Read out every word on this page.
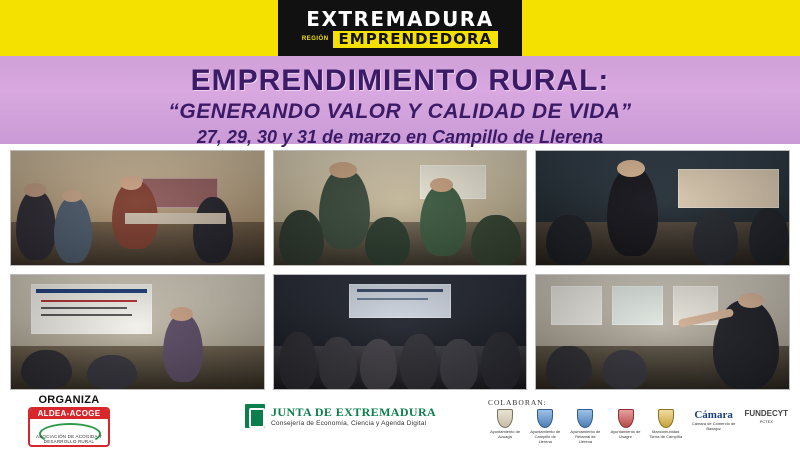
EXTREMADURA
REGIÓN EMPRENDEDORA
EMPRENDIMIENTO RURAL:

“GENERANDO VALOR Y CALIDAD DE VIDA”

27, 29, 30 y 31 de marzo en Campillo de Llerena

ORGANIZA
ALDEA-ACOGE
ASOCIACIÓN DE ACOGIDA Y DESARROLLO RURAL
JUNTA DE EXTREMADURA
Consejería de Economía, Ciencia y Agenda Digital
COLABORAN:
Ayuntamiento de Azuaga
Ayuntamiento de Campillo de Llerena
Ayuntamiento de Retamal de Llerena
Ayuntamiento de Usagre
Mancomunidad Tierra de Campiña
Cámara
Cámara de Comercio de Badajoz
FUNDECYT
PCTEX
